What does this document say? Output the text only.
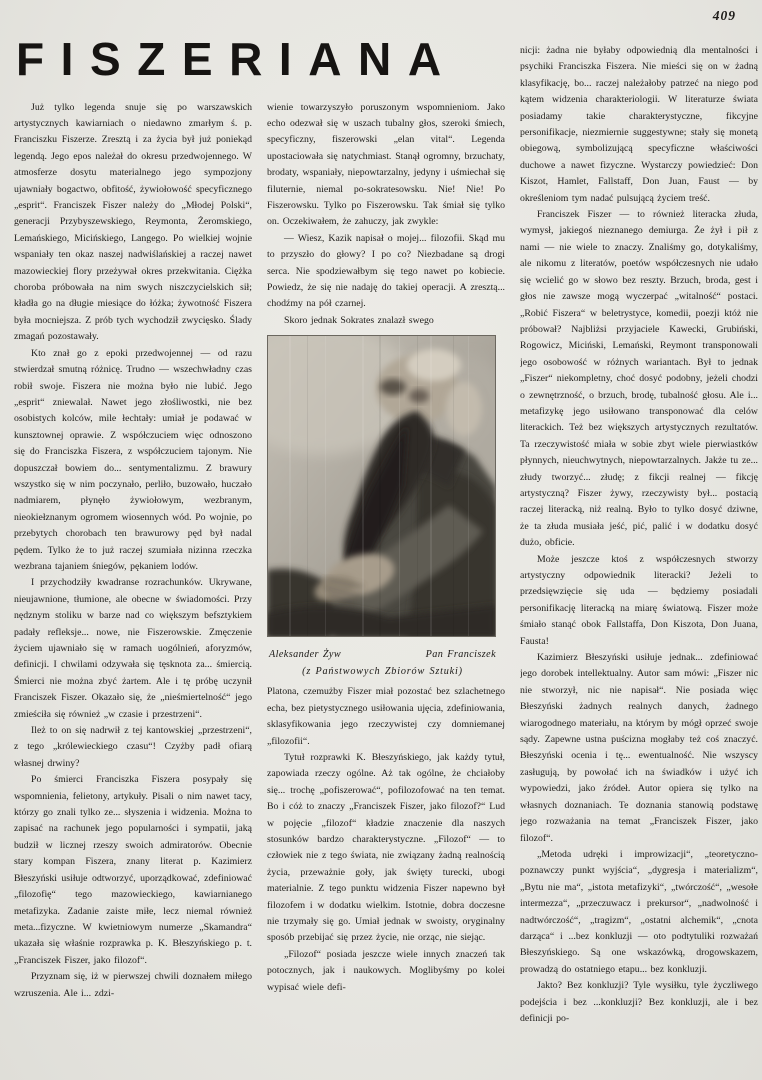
409
FISZERIANA

Już tylko legenda snuje się po warszawskich artystycznych kawiarniach o niedawno zmarłym ś. p. Franciszku Fiszerze. Zresztą i za życia był już poniekąd legendą. Jego epos należał do okresu przedwojennego. W atmosferze dosytu materialnego jego sympozjony ujawniały bogactwo, obfitość, żywiołowość specyficznego „esprit“. Franciszek Fiszer należy do „Młodej Polski“, generacji Przybyszewskiego, Reymonta, Żeromskiego, Lemańskiego, Micińskiego, Langego. Po wielkiej wojnie wspaniały ten okaz naszej nadwiślańskiej a raczej nawet mazowieckiej flory przeżywał okres przekwitania. Ciężka choroba próbowała na nim swych niszczycielskich sił; kładła go na długie miesiące do łóżka; żywotność Fiszera była mocniejsza. Z prób tych wychodził zwycięsko. Ślady zmagań pozostawały.

Kto znał go z epoki przedwojennej — od razu stwierdzał smutną różnicę. Trudno — wszechwładny czas robił swoje. Fiszera nie można było nie lubić. Jego „esprit“ zniewalał. Nawet jego złośliwostki, nie bez osobistych kolców, mile łechtały: umiał je podawać w kunsztownej oprawie. Z współczuciem więc odnoszono się do Franciszka Fiszera, z współczuciem tajonym. Nie dopuszczał bowiem do... sentymentalizmu. Z brawury wszystko się w nim poczynało, perliło, buzowało, huczało nadmiarem, płynęło żywiołowym, wezbranym, nieokiełznanym ogromem wiosennych wód. Po wojnie, po przebytych chorobach ten brawurowy pęd był nadal pędem. Tylko że to już raczej szumiała nizinna rzeczka wezbrana tajaniem śniegów, pękaniem lodów.

I przychodziły kwadranse rozrachunków. Ukrywane, nieujawnione, tłumione, ale obecne w świadomości. Przy nędznym stoliku w barze nad co większym befsztykiem padały refleksje... nowe, nie Fiszerowskie. Zmęczenie życiem ujawniało się w ramach uogólnień, aforyzmów, definicji. I chwilami odzywała się tęsknota za... śmiercią. Śmierci nie można zbyć żartem. Ale i tę próbę uczynił Franciszek Fiszer. Okazało się, że „nieśmiertelność“ jego zmieściła się również „w czasie i przestrzeni“.

Ileż to on się nadrwił z tej kantowskiej „przestrzeni“, z tego „królewieckiego czasu“! Czyżby padł ofiarą własnej drwiny?

Po śmierci Franciszka Fiszera posypały się wspomnienia, felietony, artykuły. Pisali o nim nawet tacy, którzy go znali tylko ze... słyszenia i widzenia. Można to zapisać na rachunek jego popularności i sympatii, jaką budził w licznej rzeszy swoich admiratorów. Obecnie stary kompan Fiszera, znany literat p. Kazimierz Błeszyński usiłuje odtworzyć, uporządkować, zdefiniować „filozofię“ tego mazowieckiego, kawiarnianego metafizyka. Zadanie zaiste miłe, lecz niemal również meta...fizyczne. W kwietniowym numerze „Skamandra“ ukazała się właśnie rozprawka p. K. Błeszyńskiego p. t. „Franciszek Fiszer, jako filozof“.

Przyznam się, iż w pierwszej chwili doznałem miłego wzruszenia. Ale i... zdzi-

wienie towarzyszyło poruszonym wspomnieniom. Jako echo odezwał się w uszach tubalny głos, szeroki śmiech, specyficzny, fiszerowski „elan vital“. Legenda upostaciowała się natychmiast. Stanął ogromny, brzuchaty, brodaty, wspaniały, niepowtarzalny, jedyny i uśmiechał się filuternie, niemal po-sokratesowsku. Nie! Nie! Po Fiszerowsku. Tylko po Fiszerowsku. Tak śmiał się tylko on. Oczekiwałem, że zahuczy, jak zwykle:

— Wiesz, Kazik napisał o mojej... filozofii. Skąd mu to przyszło do głowy? I po co? Niezbadane są drogi serca. Nie spodziewałbym się tego nawet po kobiecie. Powiedz, że się nie nadaję do takiej operacji. A zresztą... chodźmy na pół czarnej.

Skoro jednak Sokrates znalazł swego

Aleksander Żyw	Pan Franciszek
(z Państwowych Zbiorów Sztuki)

Platona, czemużby Fiszer miał pozostać bez szlachetnego echa, bez pietystycznego usiłowania ujęcia, zdefiniowania, sklasyfikowania jego rzeczywistej czy domniemanej „filozofii“.

Tytuł rozprawki K. Błeszyńskiego, jak każdy tytuł, zapowiada rzeczy ogólne. Aż tak ogólne, że chciałoby się... trochę „pofiszerować“, pofilozofować na ten temat. Bo i cóż to znaczy „Franciszek Fiszer, jako filozof?“ Lud w pojęcie „filozof“ kładzie znaczenie dla naszych stosunków bardzo charakterystyczne. „Filozof“ — to człowiek nie z tego świata, nie związany żadną realnością życia, przeważnie goły, jak święty turecki, ubogi materialnie. Z tego punktu widzenia Fiszer napewno był filozofem i w dodatku wielkim. Istotnie, dobra doczesne nie trzymały się go. Umiał jednak w swoisty, oryginalny sposób przebijać się przez życie, nie orząc, nie siejąc.

„Filozof“ posiada jeszcze wiele innych znaczeń tak potocznych, jak i naukowych. Moglibyśmy po kolei wypisać wiele defi-

nicji: żadna nie byłaby odpowiednią dla mentalności i psychiki Franciszka Fiszera. Nie mieści się on w żadną klasyfikację, bo... raczej należałoby patrzeć na niego pod kątem widzenia charakteriologii. W literaturze świata posiadamy takie charakterystyczne, fikcyjne personifikacje, niezmiernie suggestywne; stały się monetą obiegową, symbolizującą specyficzne właściwości duchowe a nawet fizyczne. Wystarczy powiedzieć: Don Kiszot, Hamlet, Fallstaff, Don Juan, Faust — by określeniom tym nadać pulsującą życiem treść.

Franciszek Fiszer — to również literacka złuda, wymysł, jakiegoś nieznanego demiurga. Że żył i pił z nami — nie wiele to znaczy. Znaliśmy go, dotykaliśmy, ale nikomu z literatów, poetów współczesnych nie udało się wcielić go w słowo bez reszty. Brzuch, broda, gest i głos nie zawsze mogą wyczerpać „witalność“ postaci. „Robić Fiszera“ w beletrystyce, komedii, poezji któż nie próbował? Najbliżsi przyjaciele Kawecki, Grubiński, Rogowicz, Miciński, Lemański, Reymont transponowali jego osobowość w różnych wariantach. Był to jednak „Fiszer“ niekompletny, choć dosyć podobny, jeżeli chodzi o zewnętrzność, o brzuch, brodę, tubalność głosu. Ale i... metafizykę jego usiłowano transponować dla celów literackich. Też bez większych artystycznych rezultatów. Ta rzeczywistość miała w sobie zbyt wiele pierwiastków płynnych, nieuchwytnych, niepowtarzalnych. Jakże tu ze... złudy tworzyć... złudę; z fikcji realnej — fikcję artystyczną? Fiszer żywy, rzeczywisty był... postacią raczej literacką, niż realną. Było to tylko dosyć dziwne, że ta złuda musiała jeść, pić, palić i w dodatku dosyć dużo, obficie.

Może jeszcze ktoś z współczesnych stworzy artystyczny odpowiednik literacki? Jeżeli to przedsięwzięcie się uda — będziemy posiadali personifikację literacką na miarę światową. Fiszer może śmiało stanąć obok Fallstaffa, Don Kiszota, Don Juana, Fausta!

Kazimierz Błeszyński usiłuje jednak... zdefiniować jego dorobek intellektualny. Autor sam mówi: „Fiszer nic nie stworzył, nic nie napisał“. Nie posiada więc Błeszyński żadnych realnych danych, żadnego wiarogodnego materiału, na którym by mógł oprzeć swoje sądy. Zapewne ustna puścizna mogłaby też coś znaczyć. Błeszyński ocenia i tę... ewentualność. Nie wszyscy zasługują, by powołać ich na świadków i użyć ich wypowiedzi, jako źródeł. Autor opiera się tylko na własnych doznaniach. Te doznania stanowią podstawę jego rozważania na temat „Franciszek Fiszer, jako filozof“.

„Metoda udręki i improwizacji“, „teoretyczno-poznawczy punkt wyjścia“, „dygresja i materializm“, „Bytu nie ma“, „istota metafizyki“, „twórczość“, „wesołe intermezza“, „przeczuwacz i prekursor“, „nadwolność i nadtwórczość“, „tragizm“, „ostatni alchemik“, „cnota darząca“ i ...bez konkluzji — oto podtytuliki rozważań Błeszyńskiego. Są one wskazówką, drogowskazem, prowadzą do ostatniego etapu... bez konkluzji.

Jakto? Bez konkluzji? Tyle wysiłku, tyle życzliwego podejścia i bez ...konkluzji? Bez konkluzji, ale i bez definicji po-
